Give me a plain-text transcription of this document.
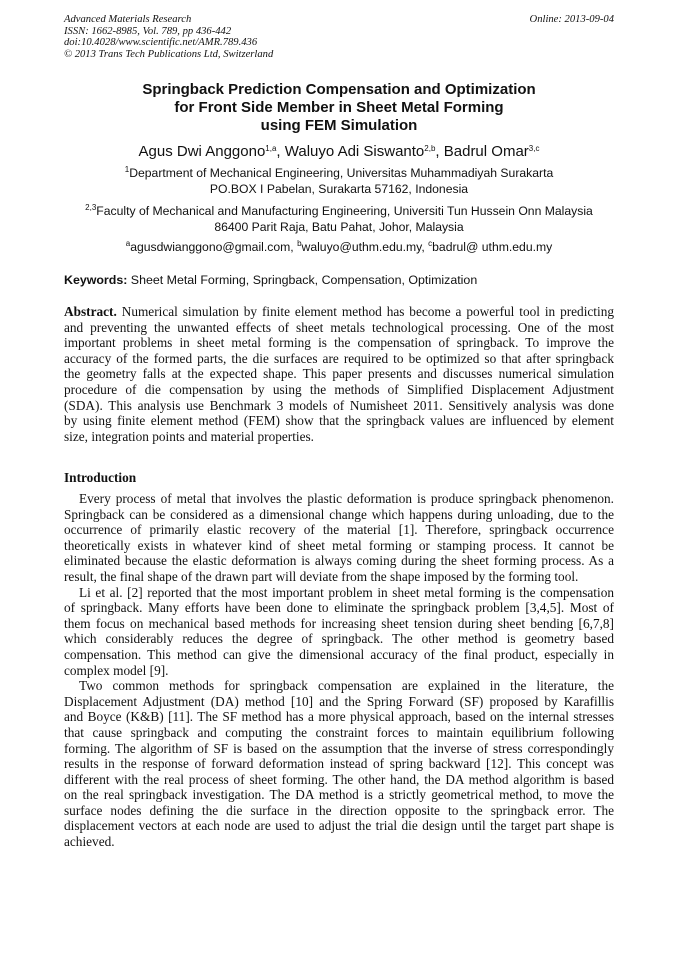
Advanced Materials Research
ISSN: 1662-8985, Vol. 789, pp 436-442
doi:10.4028/www.scientific.net/AMR.789.436
© 2013 Trans Tech Publications Ltd, Switzerland
Online: 2013-09-04
Springback Prediction Compensation and Optimization
for Front Side Member in Sheet Metal Forming
using FEM Simulation
Agus Dwi Anggono$^{1,a}$, Waluyo Adi Siswanto$^{2,b}$, Badrul Omar$^{3,c}$
$^1$Department of Mechanical Engineering, Universitas Muhammadiyah Surakarta
PO.BOX I Pabelan, Surakarta 57162, Indonesia
$^{2,3}$Faculty of Mechanical and Manufacturing Engineering, Universiti Tun Hussein Onn Malaysia
86400 Parit Raja, Batu Pahat, Johor, Malaysia
$^a$agusdwianggono@gmail.com, $^b$waluyo@uthm.edu.my, $^c$badrul@ uthm.edu.my
Keywords: Sheet Metal Forming, Springback, Compensation, Optimization
Abstract. Numerical simulation by finite element method has become a powerful tool in predicting
and preventing the unwanted effects of sheet metals technological processing. One of the most
important problems in sheet metal forming is the compensation of springback. To improve the
accuracy of the formed parts, the die surfaces are required to be optimized so that after springback
the geometry falls at the expected shape. This paper presents and discusses numerical simulation
procedure of die compensation by using the methods of Simplified Displacement Adjustment
(SDA). This analysis use Benchmark 3 models of Numisheet 2011. Sensitively analysis was done
by using finite element method (FEM) show that the springback values are influenced by element
size, integration points and material properties.
Introduction
Every process of metal that involves the plastic deformation is produce springback phenomenon.
Springback can be considered as a dimensional change which happens during unloading, due to the
occurrence of primarily elastic recovery of the material [1]. Therefore, springback occurrence
theoretically exists in whatever kind of sheet metal forming or stamping process. It cannot be
eliminated because the elastic deformation is always coming during the sheet forming process. As a
result, the final shape of the drawn part will deviate from the shape imposed by the forming tool.
Li et al. [2] reported that the most important problem in sheet metal forming is the compensation
of springback. Many efforts have been done to eliminate the springback problem [3,4,5]. Most of
them focus on mechanical based methods for increasing sheet tension during sheet bending [6,7,8]
which considerably reduces the degree of springback. The other method is geometry based
compensation. This method can give the dimensional accuracy of the final product, especially in
complex model [9].
Two common methods for springback compensation are explained in the literature, the
Displacement Adjustment (DA) method [10] and the Spring Forward (SF) proposed by Karafillis
and Boyce (K&B) [11]. The SF method has a more physical approach, based on the internal stresses
that cause springback and computing the constraint forces to maintain equilibrium following
forming. The algorithm of SF is based on the assumption that the inverse of stress correspondingly
results in the response of forward deformation instead of spring backward [12]. This concept was
different with the real process of sheet forming. The other hand, the DA method algorithm is based
on the real springback investigation. The DA method is a strictly geometrical method, to move the
surface nodes defining the die surface in the direction opposite to the springback error. The
displacement vectors at each node are used to adjust the trial die design until the target part shape is
achieved.
